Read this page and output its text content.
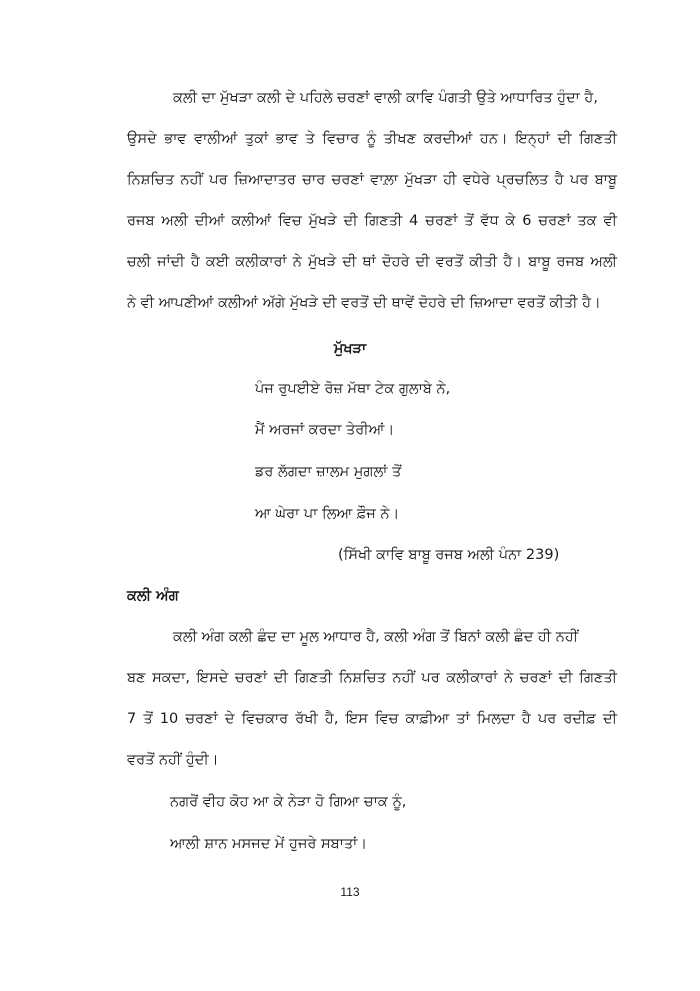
ਕਲੀ ਦਾ ਮੁੱਖੜਾ ਕਲੀ ਦੇ ਪਹਿਲੇ ਚਰਣਾਂ ਵਾਲੀ ਕਾਵਿ ਪੰਗਤੀ ਉਤੇ ਆਧਾਰਿਤ ਹੁੰਦਾ ਹੈ,
ਉਸਦੇ ਭਾਵ ਵਾਲੀਆਂ ਤੁਕਾਂ ਭਾਵ ਤੇ ਵਿਚਾਰ ਨੂੰ ਤੀਖਣ ਕਰਦੀਆਂ ਹਨ। ਇਨ੍ਹਾਂ ਦੀ ਗਿਣਤੀ
ਨਿਸ਼ਚਿਤ ਨਹੀਂ ਪਰ ਜ਼ਿਆਦਾਤਰ ਚਾਰ ਚਰਣਾਂ ਵਾਲ਼ਾ ਮੁੱਖੜਾ ਹੀ ਵਧੇਰੇ ਪ੍ਰਚਲਿਤ ਹੈ ਪਰ ਬਾਬੂ
ਰਜਬ ਅਲੀ ਦੀਆਂ ਕਲੀਆਂ ਵਿਚ ਮੁੱਖੜੇ ਦੀ ਗਿਣਤੀ 4 ਚਰਣਾਂ ਤੋਂ ਵੱਧ ਕੇ 6 ਚਰਣਾਂ ਤਕ ਵੀ
ਚਲੀ ਜਾਂਦੀ ਹੈ ਕਈ ਕਲੀਕਾਰਾਂ ਨੇ ਮੁੱਖੜੇ ਦੀ ਥਾਂ ਦੋਹਰੇ ਦੀ ਵਰਤੋਂ ਕੀਤੀ ਹੈ। ਬਾਬੂ ਰਜਬ ਅਲੀ
ਨੇ ਵੀ ਆਪਣੀਆਂ ਕਲੀਆਂ ਅੱਗੇ ਮੁੱਖੜੇ ਦੀ ਵਰਤੋਂ ਦੀ ਥਾਵੇਂ ਦੋਹਰੇ ਦੀ ਜ਼ਿਆਦਾ ਵਰਤੋਂ ਕੀਤੀ ਹੈ।
ਮੁੱਖੜਾ
ਪੰਜ ਰੁਪਈਏ ਰੋਜ਼ ਮੱਥਾ ਟੇਕ ਗੁਲਾਬੇ ਨੇ,
ਮੈਂ ਅਰਜਾਂ ਕਰਦਾ ਤੇਰੀਆਂ।
ਡਰ ਲੱਗਦਾ ਜ਼ਾਲਮ ਮੁਗਲਾਂ ਤੋਂ
ਆ ਘੇਰਾ ਪਾ ਲਿਆ ਫ਼ੌਜ ਨੇ।
(ਸਿੱਖੀ ਕਾਵਿ ਬਾਬੂ ਰਜਬ ਅਲੀ ਪੰਨਾ 239)
ਕਲੀ ਅੰਗ
ਕਲੀ ਅੰਗ ਕਲੀ ਛੰਦ ਦਾ ਮੂਲ ਆਧਾਰ ਹੈ, ਕਲੀ ਅੰਗ ਤੋਂ ਬਿਨਾਂ ਕਲੀ ਛੰਦ ਹੀ ਨਹੀਂ
ਬਣ ਸਕਦਾ, ਇਸਦੇ ਚਰਣਾਂ ਦੀ ਗਿਣਤੀ ਨਿਸ਼ਚਿਤ ਨਹੀਂ ਪਰ ਕਲੀਕਾਰਾਂ ਨੇ ਚਰਣਾਂ ਦੀ ਗਿਣਤੀ
7 ਤੋਂ 10 ਚਰਣਾਂ ਦੇ ਵਿਚਕਾਰ ਰੱਖੀ ਹੈ, ਇਸ ਵਿਚ ਕਾਫ਼ੀਆ ਤਾਂ ਮਿਲਦਾ ਹੈ ਪਰ ਰਦੀਫ਼ ਦੀ
ਵਰਤੋਂ ਨਹੀਂ ਹੁੰਦੀ।
ਨਗਰੋਂ ਵੀਹ ਕੋਹ ਆ ਕੇ ਨੇੜਾ ਹੋ ਗਿਆ ਚਾਕ ਨੂੰ,
ਆਲੀ ਸ਼ਾਨ ਮਸਜਦ ਮੇਂ ਹੁਜਰੇ ਸਬਾਤਾਂ।
113
